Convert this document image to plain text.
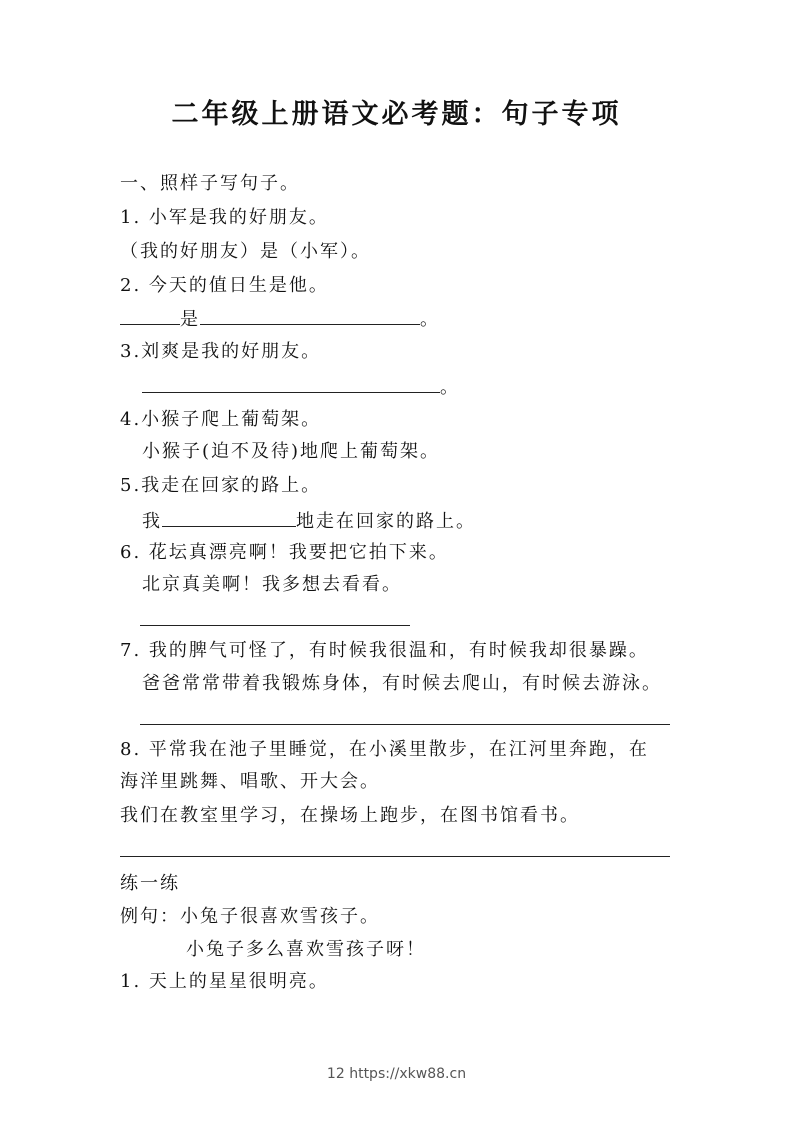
二年级上册语文必考题：句子专项
一、照样子写句子。
1. 小军是我的好朋友。
（我的好朋友）是（小军）。
2. 今天的值日生是他。
是	。
3.刘爽是我的好朋友。
。
4.小猴子爬上葡萄架。
小猴子(迫不及待)地爬上葡萄架。
5.我走在回家的路上。
我	地走在回家的路上。
6. 花坛真漂亮啊！我要把它拍下来。
北京真美啊！我多想去看看。
7. 我的脾气可怪了，有时候我很温和，有时候我却很暴躁。
爸爸常常带着我锻炼身体，有时候去爬山，有时候去游泳。
8. 平常我在池子里睡觉，在小溪里散步，在江河里奔跑，在
海洋里跳舞、唱歌、开大会。
我们在教室里学习，在操场上跑步，在图书馆看书。
练一练
例句：小兔子很喜欢雪孩子。
小兔子多么喜欢雪孩子呀！
1. 天上的星星很明亮。
12 https://xkw88.cn
